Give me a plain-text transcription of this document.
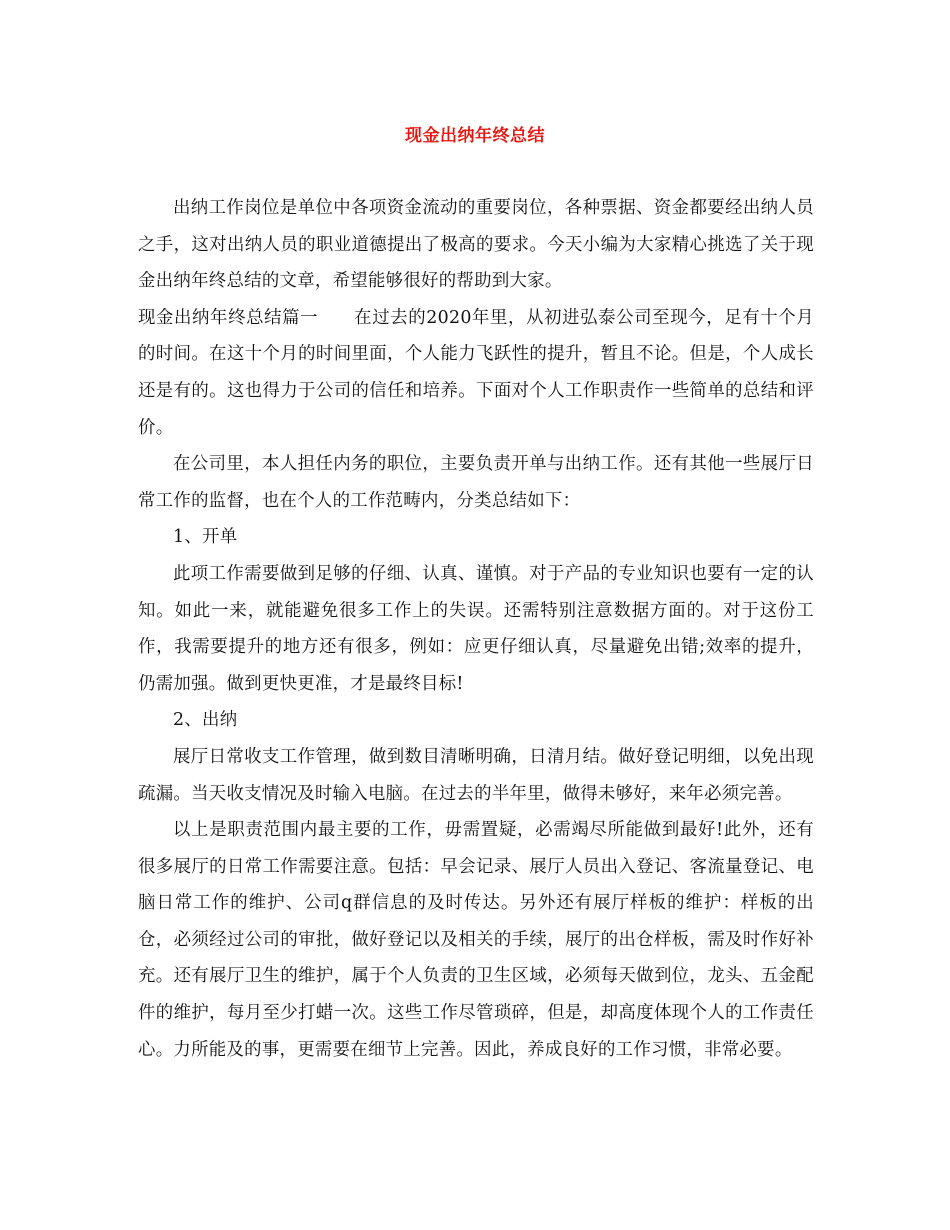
现金出纳年终总结

出纳工作岗位是单位中各项资金流动的重要岗位，各种票据、资金都要经出纳人员之手，这对出纳人员的职业道德提出了极高的要求。今天小编为大家精心挑选了关于现金出纳年终总结的文章，希望能够很好的帮助到大家。

现金出纳年终总结篇一　　在过去的2020年里，从初进弘泰公司至现今，足有十个月的时间。在这十个月的时间里面，个人能力飞跃性的提升，暂且不论。但是，个人成长还是有的。这也得力于公司的信任和培养。下面对个人工作职责作一些简单的总结和评价。

在公司里，本人担任内务的职位，主要负责开单与出纳工作。还有其他一些展厅日常工作的监督，也在个人的工作范畴内，分类总结如下：

1、开单

此项工作需要做到足够的仔细、认真、谨慎。对于产品的专业知识也要有一定的认知。如此一来，就能避免很多工作上的失误。还需特别注意数据方面的。对于这份工作，我需要提升的地方还有很多，例如：应更仔细认真，尽量避免出错;效率的提升，仍需加强。做到更快更准，才是最终目标!

2、出纳

展厅日常收支工作管理，做到数目清晰明确，日清月结。做好登记明细，以免出现疏漏。当天收支情况及时输入电脑。在过去的半年里，做得未够好，来年必须完善。

以上是职责范围内最主要的工作，毋需置疑，必需竭尽所能做到最好!此外，还有很多展厅的日常工作需要注意。包括：早会记录、展厅人员出入登记、客流量登记、电脑日常工作的维护、公司q群信息的及时传达。另外还有展厅样板的维护：样板的出仓，必须经过公司的审批，做好登记以及相关的手续，展厅的出仓样板，需及时作好补充。还有展厅卫生的维护，属于个人负责的卫生区域，必须每天做到位，龙头、五金配件的维护，每月至少打蜡一次。这些工作尽管琐碎，但是，却高度体现个人的工作责任心。力所能及的事，更需要在细节上完善。因此，养成良好的工作习惯，非常必要。
